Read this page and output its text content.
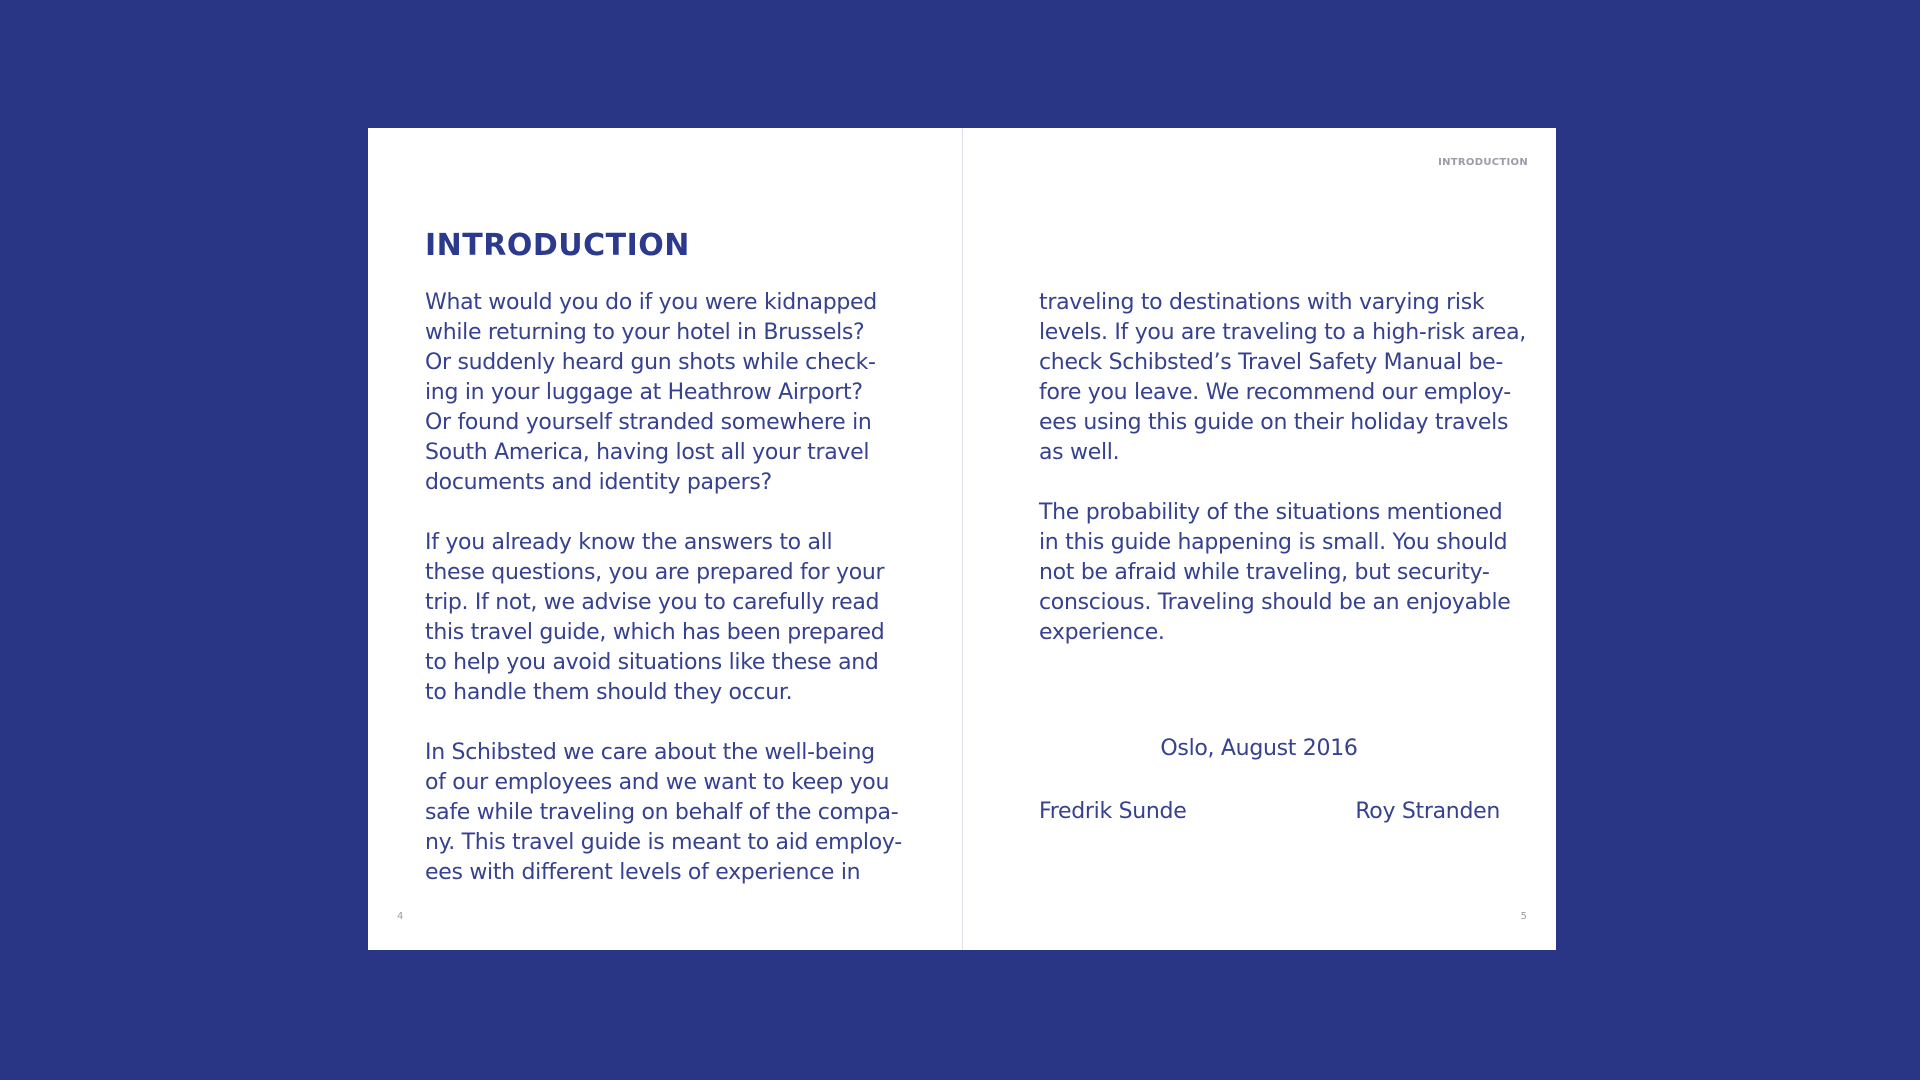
INTRODUCTION

What would you do if you were kidnapped
while returning to your hotel in Brussels?
Or suddenly heard gun shots while check-
ing in your luggage at Heathrow Airport?
Or found yourself stranded somewhere in
South America, having lost all your travel
documents and identity papers?

If you already know the answers to all
these questions, you are prepared for your
trip. If not, we advise you to carefully read
this travel guide, which has been prepared
to help you avoid situations like these and
to handle them should they occur.

In Schibsted we care about the well-being
of our employees and we want to keep you
safe while traveling on behalf of the compa-
ny. This travel guide is meant to aid employ-
ees with different levels of experience in

4
INTRODUCTION

traveling to destinations with varying risk
levels. If you are traveling to a high-risk area,
check Schibsted’s Travel Safety Manual be-
fore you leave. We recommend our employ-
ees using this guide on their holiday travels
as well.

The probability of the situations mentioned
in this guide happening is small. You should
not be afraid while traveling, but security-
conscious. Traveling should be an enjoyable
experience.

Oslo, August 2016
Fredrik Sunde	Roy Stranden
5
